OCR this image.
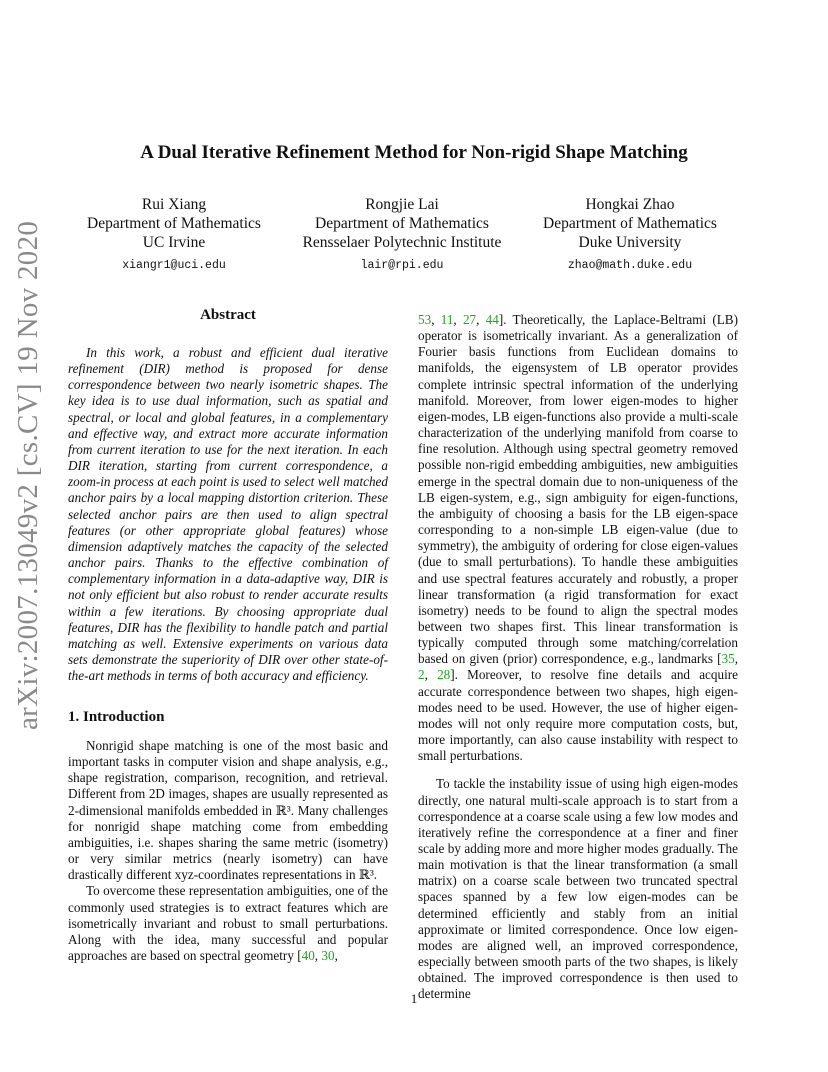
arXiv:2007.13049v2 [cs.CV] 19 Nov 2020
A Dual Iterative Refinement Method for Non-rigid Shape Matching
Rui Xiang
Department of Mathematics
UC Irvine
xiangr1@uci.edu
Rongjie Lai
Department of Mathematics
Rensselaer Polytechnic Institute
lair@rpi.edu
Hongkai Zhao
Department of Mathematics
Duke University
zhao@math.duke.edu
Abstract

In this work, a robust and efficient dual iterative refinement (DIR) method is proposed for dense correspondence between two nearly isometric shapes. The key idea is to use dual information, such as spatial and spectral, or local and global features, in a complementary and effective way, and extract more accurate information from current iteration to use for the next iteration. In each DIR iteration, starting from current correspondence, a zoom-in process at each point is used to select well matched anchor pairs by a local mapping distortion criterion. These selected anchor pairs are then used to align spectral features (or other appropriate global features) whose dimension adaptively matches the capacity of the selected anchor pairs. Thanks to the effective combination of complementary information in a data-adaptive way, DIR is not only efficient but also robust to render accurate results within a few iterations. By choosing appropriate dual features, DIR has the flexibility to handle patch and partial matching as well. Extensive experiments on various data sets demonstrate the superiority of DIR over other state-of-the-art methods in terms of both accuracy and efficiency.

1. Introduction

Nonrigid shape matching is one of the most basic and important tasks in computer vision and shape analysis, e.g., shape registration, comparison, recognition, and retrieval. Different from 2D images, shapes are usually represented as 2-dimensional manifolds embedded in ℝ³. Many challenges for nonrigid shape matching come from embedding ambiguities, i.e. shapes sharing the same metric (isometry) or very similar metrics (nearly isometry) can have drastically different xyz-coordinates representations in ℝ³.

To overcome these representation ambiguities, one of the commonly used strategies is to extract features which are isometrically invariant and robust to small perturbations. Along with the idea, many successful and popular approaches are based on spectral geometry [40, 30,

53, 11, 27, 44]. Theoretically, the Laplace-Beltrami (LB) operator is isometrically invariant. As a generalization of Fourier basis functions from Euclidean domains to manifolds, the eigensystem of LB operator provides complete intrinsic spectral information of the underlying manifold. Moreover, from lower eigen-modes to higher eigen-modes, LB eigen-functions also provide a multi-scale characterization of the underlying manifold from coarse to fine resolution. Although using spectral geometry removed possible non-rigid embedding ambiguities, new ambiguities emerge in the spectral domain due to non-uniqueness of the LB eigen-system, e.g., sign ambiguity for eigen-functions, the ambiguity of choosing a basis for the LB eigen-space corresponding to a non-simple LB eigen-value (due to symmetry), the ambiguity of ordering for close eigen-values (due to small perturbations). To handle these ambiguities and use spectral features accurately and robustly, a proper linear transformation (a rigid transformation for exact isometry) needs to be found to align the spectral modes between two shapes first. This linear transformation is typically computed through some matching/correlation based on given (prior) correspondence, e.g., landmarks [35, 2, 28]. Moreover, to resolve fine details and acquire accurate correspondence between two shapes, high eigen-modes need to be used. However, the use of higher eigen-modes will not only require more computation costs, but, more importantly, can also cause instability with respect to small perturbations.

To tackle the instability issue of using high eigen-modes directly, one natural multi-scale approach is to start from a correspondence at a coarse scale using a few low modes and iteratively refine the correspondence at a finer and finer scale by adding more and more higher modes gradually. The main motivation is that the linear transformation (a small matrix) on a coarse scale between two truncated spectral spaces spanned by a few low eigen-modes can be determined efficiently and stably from an initial approximate or limited correspondence. Once low eigen-modes are aligned well, an improved correspondence, especially between smooth parts of the two shapes, is likely obtained. The improved correspondence is then used to determine

1
